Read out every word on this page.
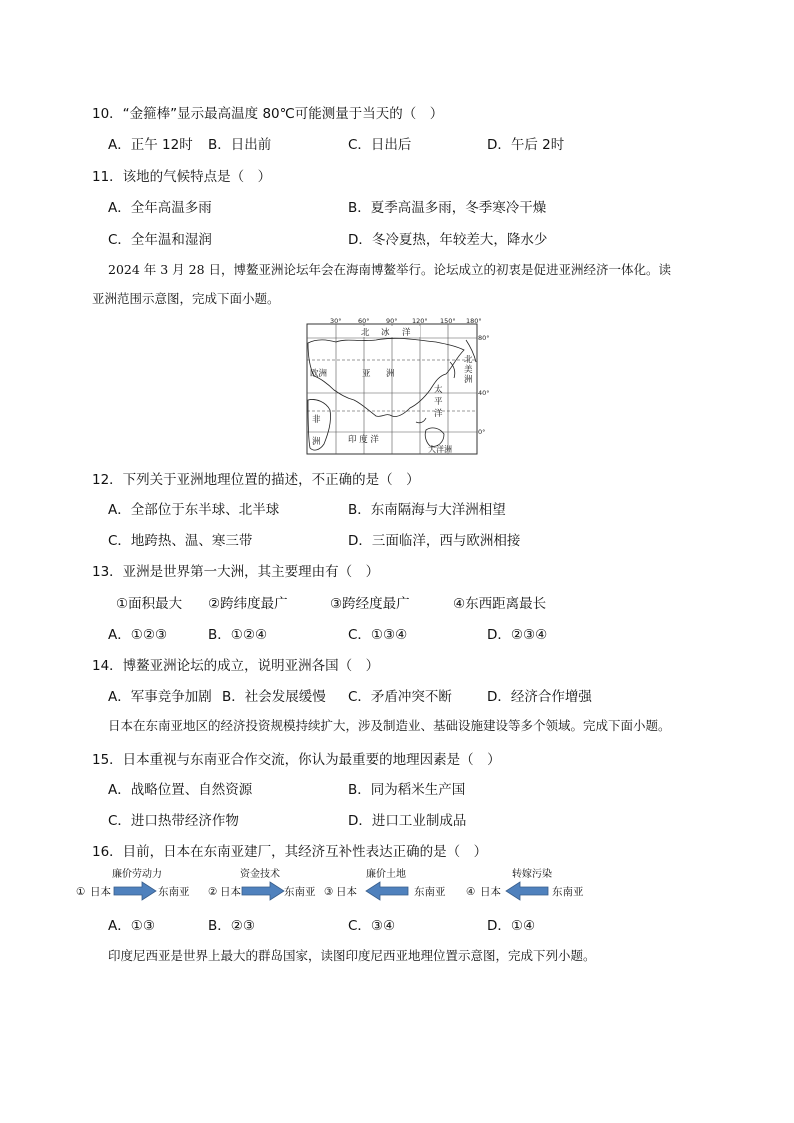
10．“金箍棒”显示最高温度 80℃可能测量于当天的（　）
A．正午 12时 B．日出前	C．日出后	D．午后 2时
11．该地的气候特点是（　）
A．全年高温多雨	B．夏季高温多雨，冬季寒冷干燥
C．全年温和湿润	D．冬冷夏热，年较差大，降水少
2024 年 3 月 28 日，博鳌亚洲论坛年会在海南博鳌举行。论坛成立的初衷是促进亚洲经济一体化。读
亚洲范围示意图，完成下面小题。
30°	60°	90° 120° 150° 180°
80°
40°
0°
北 冰 洋
欧洲	亚 洲
非
洲	印 度 洋
太
平
洋
北
美
洲
大洋洲
12．下列关于亚洲地理位置的描述，不正确的是（　）
A．全部位于东半球、北半球	B．东南隔海与大洋洲相望
C．地跨热、温、寒三带	D．三面临洋，西与欧洲相接
13．亚洲是世界第一大洲，其主要理由有（　）
①面积最大 ②跨纬度最广	③跨经度最广	④东西距离最长
A．①②③	B．①②④	C．①③④	D．②③④
14．博鳌亚洲论坛的成立，说明亚洲各国（　）
A．军事竞争加剧 B．社会发展缓慢 C．矛盾冲突不断	D．经济合作增强
日本在东南亚地区的经济投资规模持续扩大，涉及制造业、基础设施建设等多个领域。完成下面小题。
15．日本重视与东南亚合作交流，你认为最重要的地理因素是（　）
A．战略位置、自然资源	B．同为稻米生产国
C．进口热带经济作物	D．进口工业制成品
16．目前，日本在东南亚建厂，其经济互补性表达正确的是（　）
廉价劳动力
① 日本	东南亚
资金技术
② 日本	东南亚
廉价土地
③ 日本	东南亚
转嫁污染
④ 日本	东南亚
A．①③	B．②③	C．③④	D．①④
印度尼西亚是世界上最大的群岛国家，读图印度尼西亚地理位置示意图，完成下列小题。
